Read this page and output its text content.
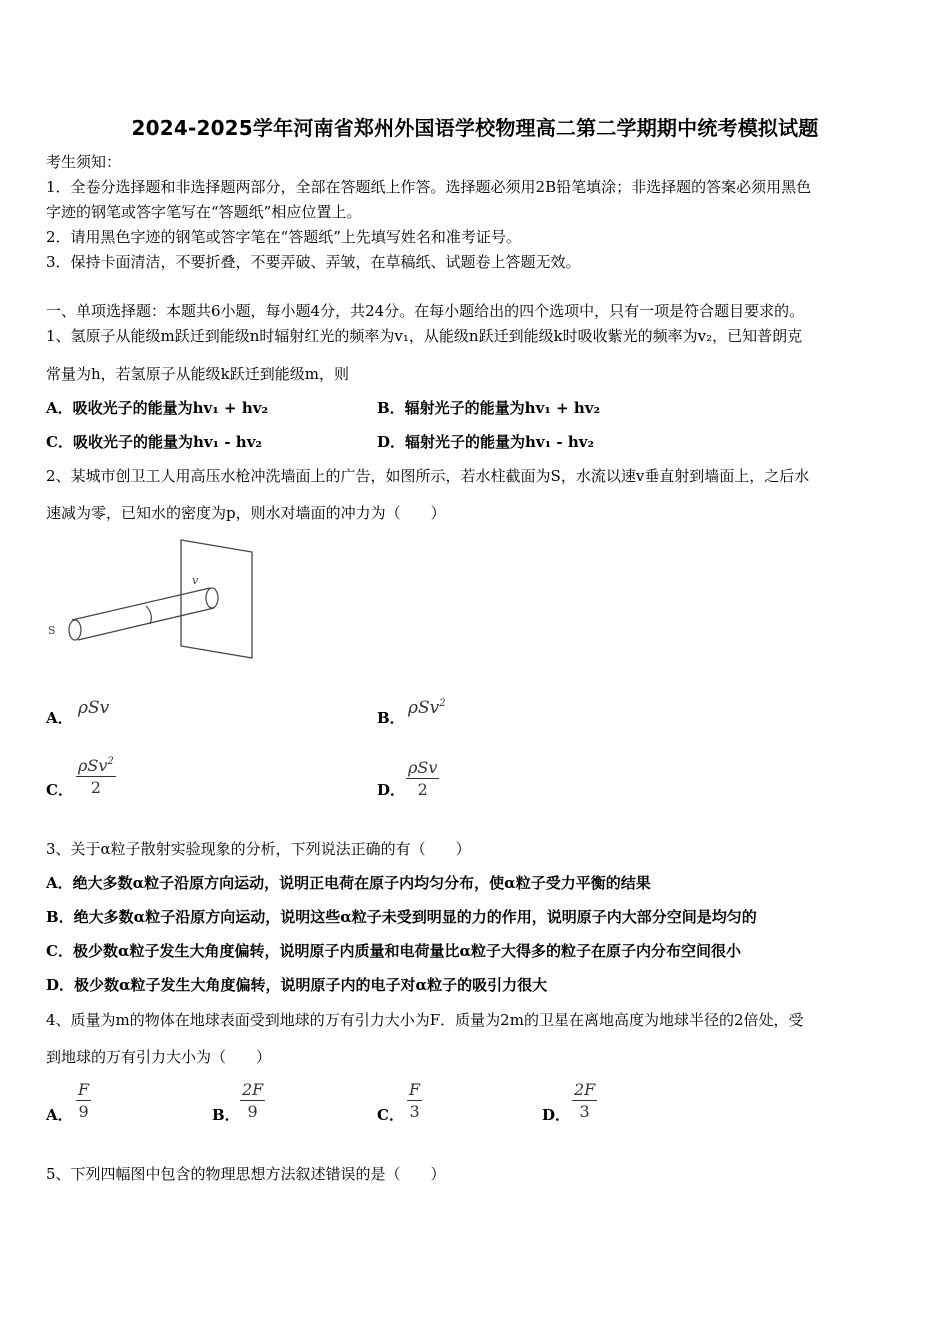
2024-2025学年河南省郑州外国语学校物理高二第二学期期中统考模拟试题
考生须知：
1．全卷分选择题和非选择题两部分，全部在答题纸上作答。选择题必须用2B铅笔填涂；非选择题的答案必须用黑色
字迹的钢笔或答字笔写在“答题纸”相应位置上。
2．请用黑色字迹的钢笔或答字笔在“答题纸”上先填写姓名和准考证号。
3．保持卡面清洁，不要折叠，不要弄破、弄皱，在草稿纸、试题卷上答题无效。
一、单项选择题：本题共6小题，每小题4分，共24分。在每小题给出的四个选项中，只有一项是符合题目要求的。
1、氢原子从能级m跃迁到能级n时辐射红光的频率为v₁，从能级n跃迁到能级k时吸收紫光的频率为v₂，已知普朗克
常量为h，若氢原子从能级k跃迁到能级m，则
A．吸收光子的能量为hv₁ + hv₂	B．辐射光子的能量为hv₁ + hv₂
C．吸收光子的能量为hv₁ - hv₂	D．辐射光子的能量为hv₁ - hv₂
2、某城市创卫工人用高压水枪冲洗墙面上的广告，如图所示，若水柱截面为S，水流以速v垂直射到墙面上，之后水
速减为零，已知水的密度为p，则水对墙面的冲力为（　　）
S
v
A． ρSv	B． ρSv$^2$
C．
ρSv$^2$
2	D．
ρSv
2
3、关于α粒子散射实验现象的分析，下列说法正确的有（　　）
A．绝大多数α粒子沿原方向运动，说明正电荷在原子内均匀分布，使α粒子受力平衡的结果
B．绝大多数α粒子沿原方向运动，说明这些α粒子未受到明显的力的作用，说明原子内大部分空间是均匀的
C．极少数α粒子发生大角度偏转，说明原子内质量和电荷量比α粒子大得多的粒子在原子内分布空间很小
D．极少数α粒子发生大角度偏转，说明原子内的电子对α粒子的吸引力很大
4、质量为m的物体在地球表面受到地球的万有引力大小为F．质量为2m的卫星在离地高度为地球半径的2倍处，受
到地球的万有引力大小为（　　）
A．
F
9	B．
2F
9	C．
F
3	D．
2F
3
5、下列四幅图中包含的物理思想方法叙述错误的是（　　）
